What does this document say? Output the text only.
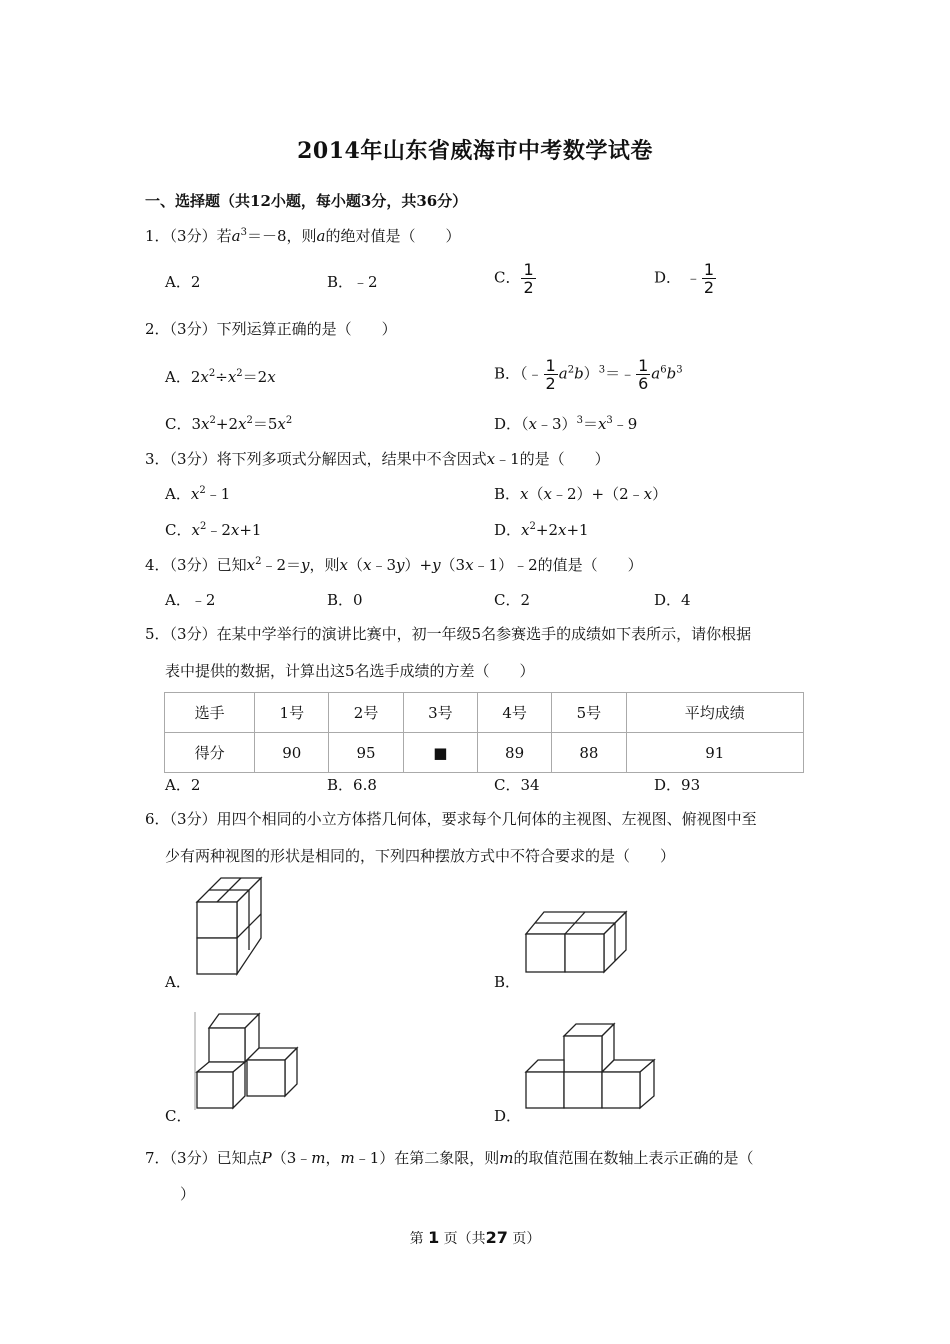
2014年山东省威海市中考数学试卷
一、选择题（共12小题，每小题3分，共36分）
1．（3分）若$a^3=-8$，则a的绝对值是（　　）
A．2	B．﹣2	C． $\frac{1}{2}$	D． ﹣ $\frac{1}{2}$
2．（3分）下列运算正确的是（　　）
A．$2x^2\div x^2=2x$	B．（﹣ $\frac{1}{2}$ $a^2b)^3=﹣ \frac{1}{6} a^6b^3$
C．$3x^2+2x^2=5x^2$	D．$(x﹣3)^3=x^3﹣9$
3．（3分）将下列多项式分解因式，结果中不含因式x﹣1的是（　　）
A．$x^2﹣1$	B．x（x﹣2）+（2﹣x）
C．$x^2﹣2x+1$	D．$x^2+2x+1$
4．（3分）已知$x^2﹣2=y$，则x（x﹣3y）+y（3x﹣1）﹣2的值是（　　）
A．﹣2	B．0	C．2	D．4
5．（3分）在某中学举行的演讲比赛中，初一年级5名参赛选手的成绩如下表所示，请你根据
表中提供的数据，计算出这5名选手成绩的方差（　　）
选手	1号	2号	3号	4号	5号	平均成绩
得分	90	95	■	89	88	91
A．2	B．6.8	C．34	D．93
6．（3分）用四个相同的小立方体搭几何体，要求每个几何体的主视图、左视图、俯视图中至
少有两种视图的形状是相同的，下列四种摆放方式中不符合要求的是（　　）
A．	B．
C．	D．
7．（3分）已知点P（3﹣m，m﹣1）在第二象限，则m的取值范围在数轴上表示正确的是（
）
第 1 页（共27 页）
